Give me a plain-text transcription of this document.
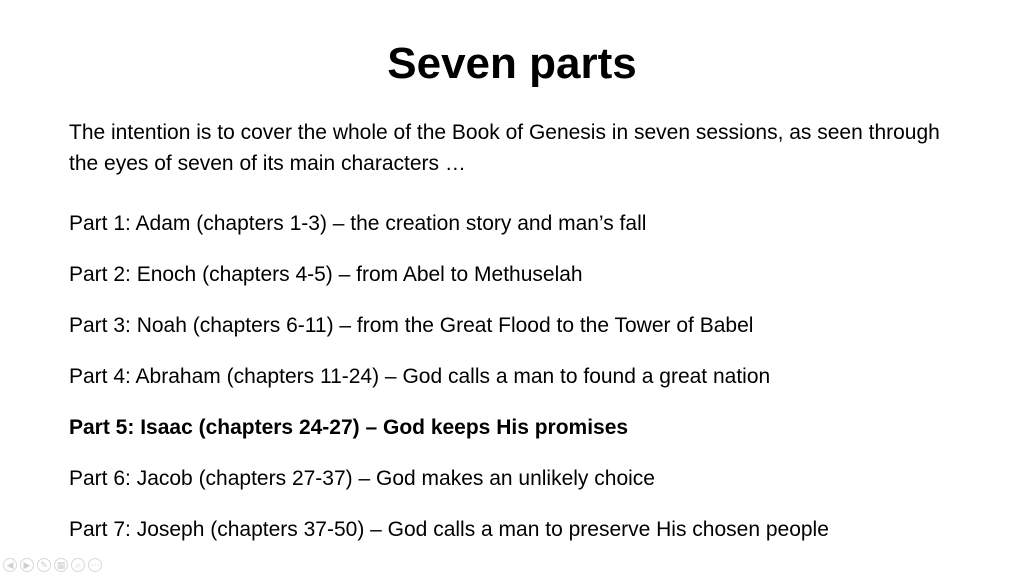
Seven parts
The intention is to cover the whole of the Book of Genesis in seven sessions, as seen through the eyes of seven of its main characters …
Part 1: Adam (chapters 1-3) – the creation story and man’s fall
Part 2: Enoch (chapters 4-5) – from Abel to Methuselah
Part 3: Noah (chapters 6-11) – from the Great Flood to the Tower of Babel
Part 4: Abraham (chapters 11-24) – God calls a man to found a great nation
Part 5: Isaac (chapters 24-27) – God keeps His promises
Part 6: Jacob (chapters 27-37) – God makes an unlikely choice
Part 7: Joseph (chapters 37-50) – God calls a man to preserve His chosen people
◀	▶	✎ ▦	⌕	⋯
